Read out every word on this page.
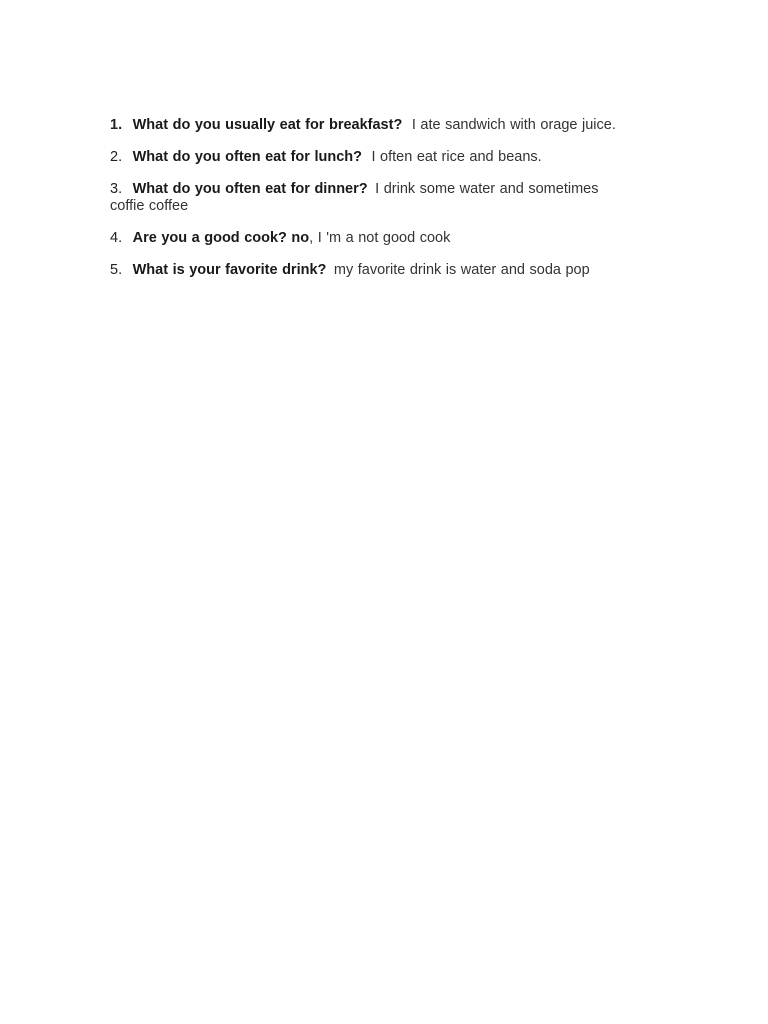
1. What do you usually eat for breakfast? I ate sandwich with orage juice.
2. What do you often eat for lunch? I often eat rice and beans.
3. What do you often eat for dinner? I drink some water and sometimes coffie coffee
4. Are you a good cook? no, I 'm a not good cook
5. What is your favorite drink? my favorite drink is water and soda pop
